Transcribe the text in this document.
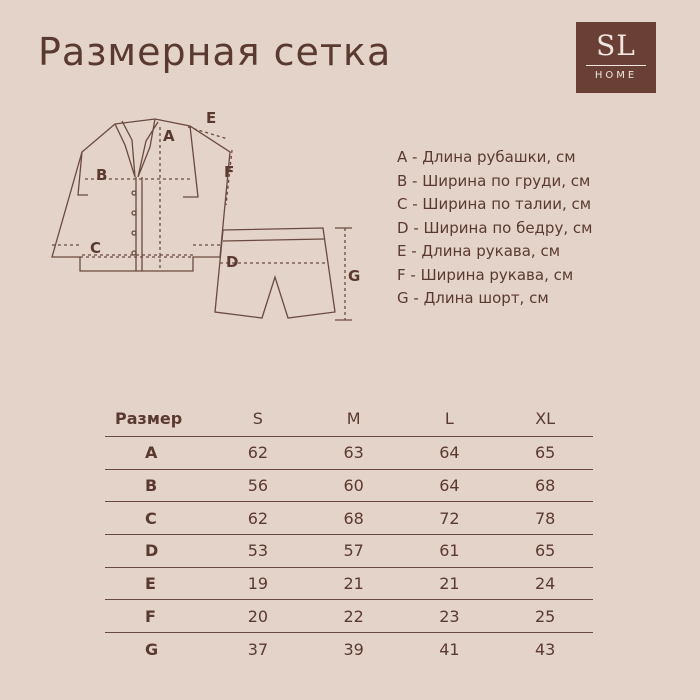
Размерная сетка	SL
HOME
A
B
C
E
F
D
G
A - Длина рубашки, см
B - Ширина по груди, см
C - Ширина по талии, см
D - Ширина по бедру, см
E - Длина рукава, см
F - Ширина рукава, см
G - Длина шорт, см
Размер	S	M	L	XL
A	62	63	64	65
B	56	60	64	68
C	62	68	72	78
D	53	57	61	65
E	19	21	21	24
F	20	22	23	25
G	37	39	41	43
